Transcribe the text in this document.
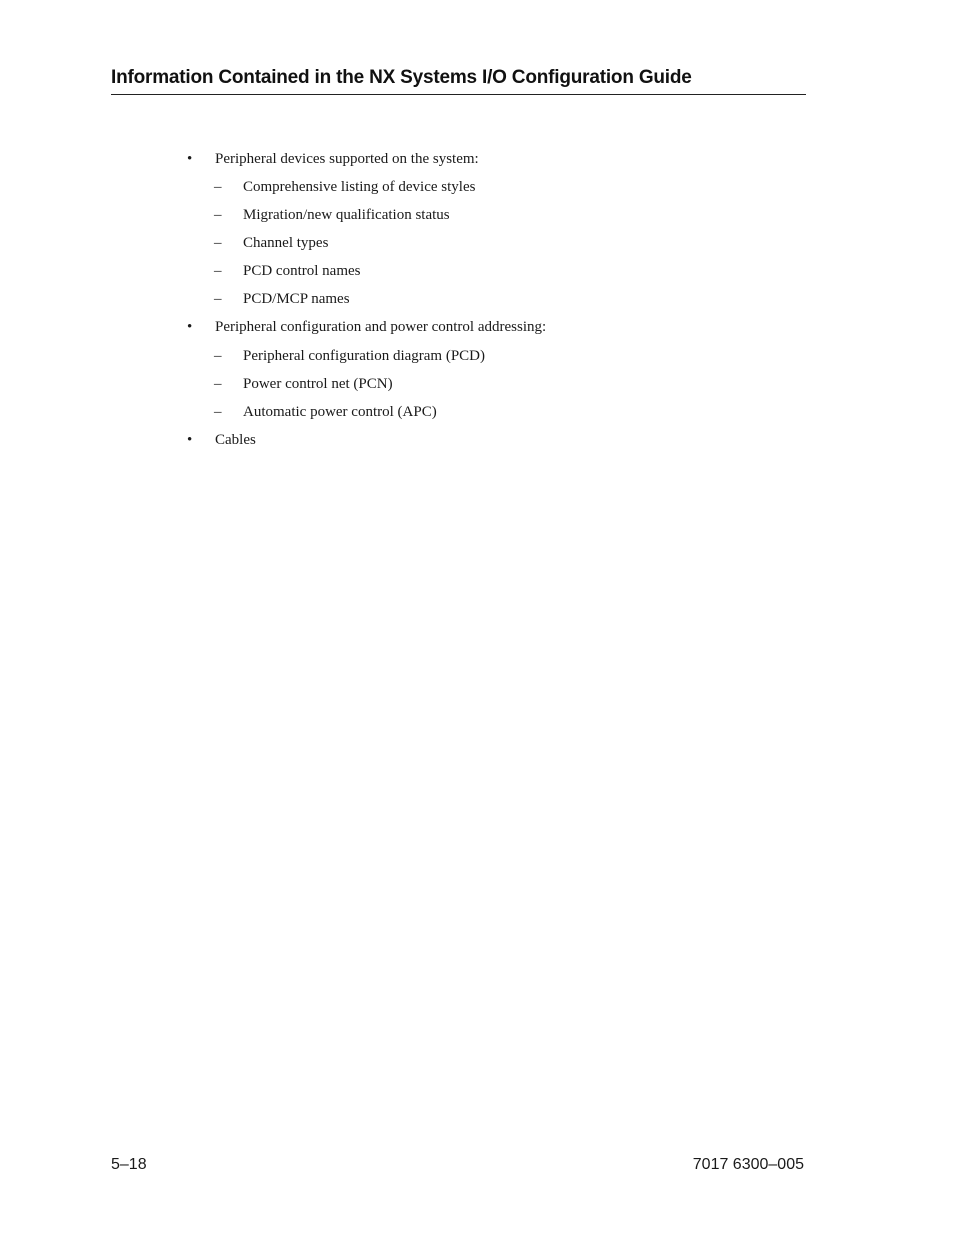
Information Contained in the NX Systems I/O Configuration Guide
• Peripheral devices supported on the system:
– Comprehensive listing of device styles
– Migration/new qualification status
– Channel types
– PCD control names
– PCD/MCP names
• Peripheral configuration and power control addressing:
– Peripheral configuration diagram (PCD)
– Power control net (PCN)
– Automatic power control (APC)
• Cables
5–18	7017 6300–005
